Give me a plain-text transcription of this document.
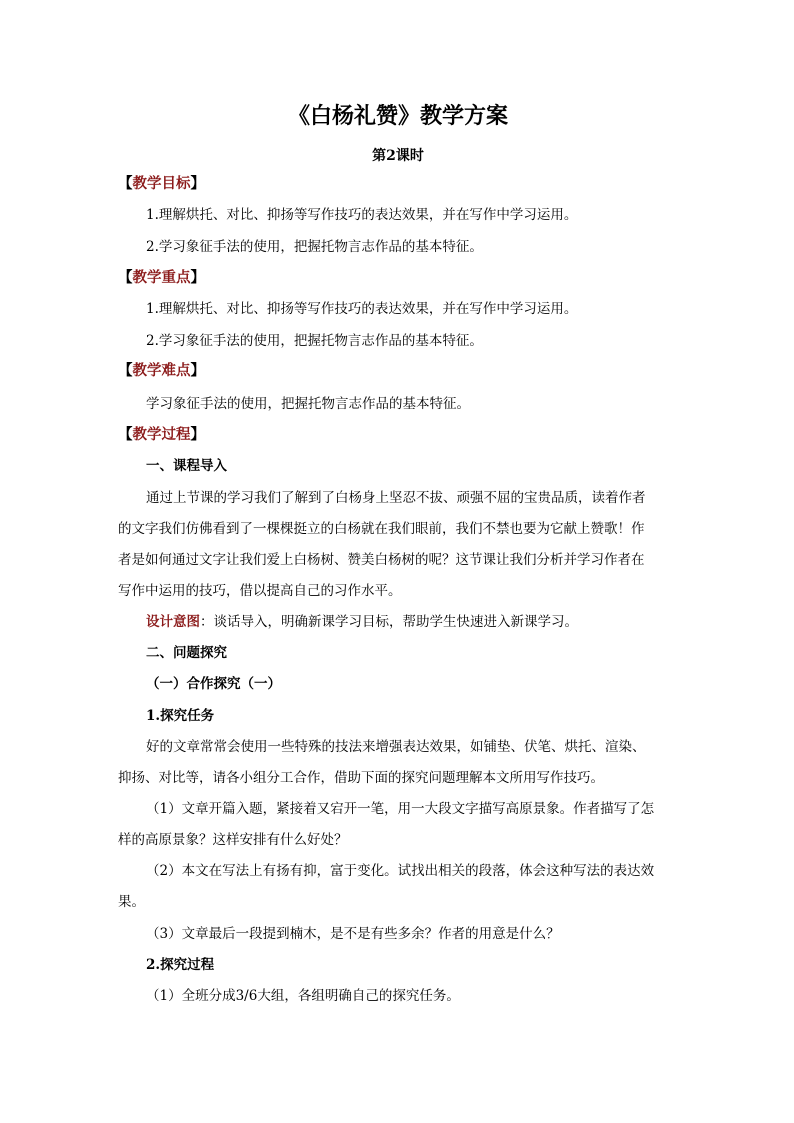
《白杨礼赞》教学方案
第2课时
【教学目标】
1.理解烘托、对比、抑扬等写作技巧的表达效果，并在写作中学习运用。
2.学习象征手法的使用，把握托物言志作品的基本特征。
【教学重点】
1.理解烘托、对比、抑扬等写作技巧的表达效果，并在写作中学习运用。
2.学习象征手法的使用，把握托物言志作品的基本特征。
【教学难点】
学习象征手法的使用，把握托物言志作品的基本特征。
【教学过程】
一、课程导入
通过上节课的学习我们了解到了白杨身上坚忍不拔、顽强不屈的宝贵品质，读着作者
的文字我们仿佛看到了一棵棵挺立的白杨就在我们眼前，我们不禁也要为它献上赞歌！作
者是如何通过文字让我们爱上白杨树、赞美白杨树的呢？这节课让我们分析并学习作者在
写作中运用的技巧，借以提高自己的习作水平。
设计意图：谈话导入，明确新课学习目标，帮助学生快速进入新课学习。
二、问题探究
（一）合作探究（一）
1.探究任务
好的文章常常会使用一些特殊的技法来增强表达效果，如铺垫、伏笔、烘托、渲染、
抑扬、对比等，请各小组分工合作，借助下面的探究问题理解本文所用写作技巧。
（1）文章开篇入题，紧接着又宕开一笔，用一大段文字描写高原景象。作者描写了怎
样的高原景象？这样安排有什么好处？
（2）本文在写法上有扬有抑，富于变化。试找出相关的段落，体会这种写法的表达效
果。
（3）文章最后一段提到楠木，是不是有些多余？作者的用意是什么？
2.探究过程
（1）全班分成3/6大组，各组明确自己的探究任务。
